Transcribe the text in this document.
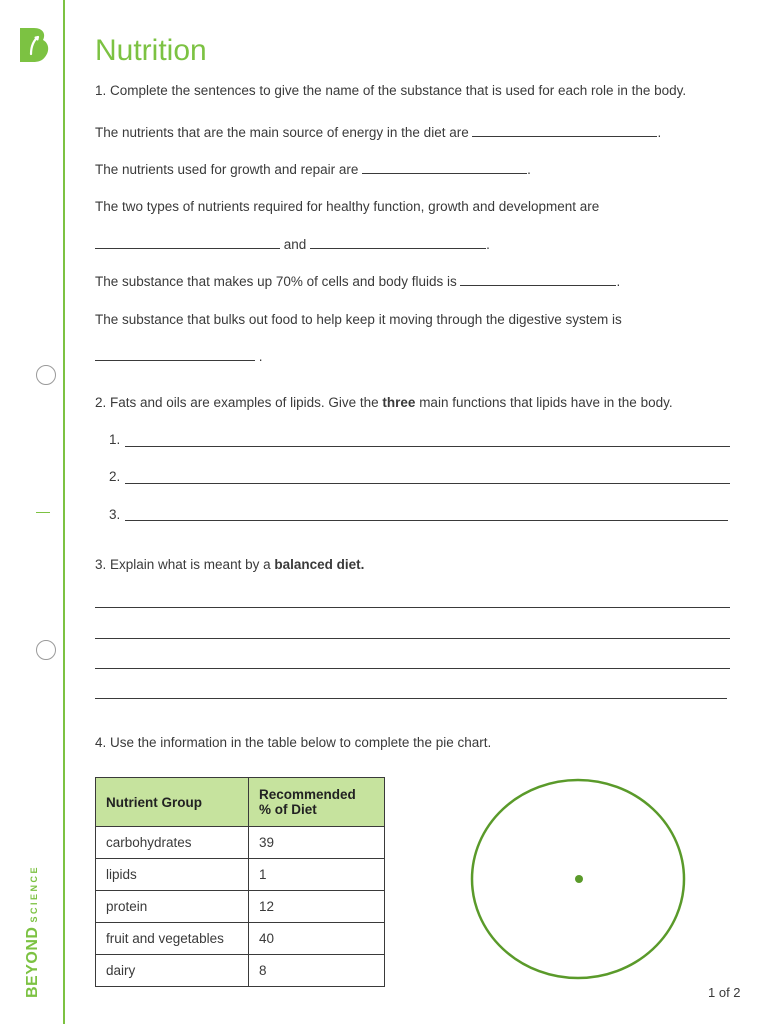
BEYONDSCIENCE
Nutrition
1. Complete the sentences to give the name of the substance that is used for each role in the body.
The nutrients that are the main source of energy in the diet are	.
The nutrients used for growth and repair are	.
The two types of nutrients required for healthy function, growth and development are
and	.
The substance that makes up 70% of cells and body fluids is	.
The substance that bulks out food to help keep it moving through the digestive system is
.
2. Fats and oils are examples of lipids. Give the three main functions that lipids have in the body.
1.
2.
3.
3. Explain what is meant by a balanced diet.
4. Use the information in the table below to complete the pie chart.
Nutrient Group	Recommended
% of Diet
carbohydrates	39
lipids	1
protein	12
fruit and vegetables	40
dairy	8
1 of 2
